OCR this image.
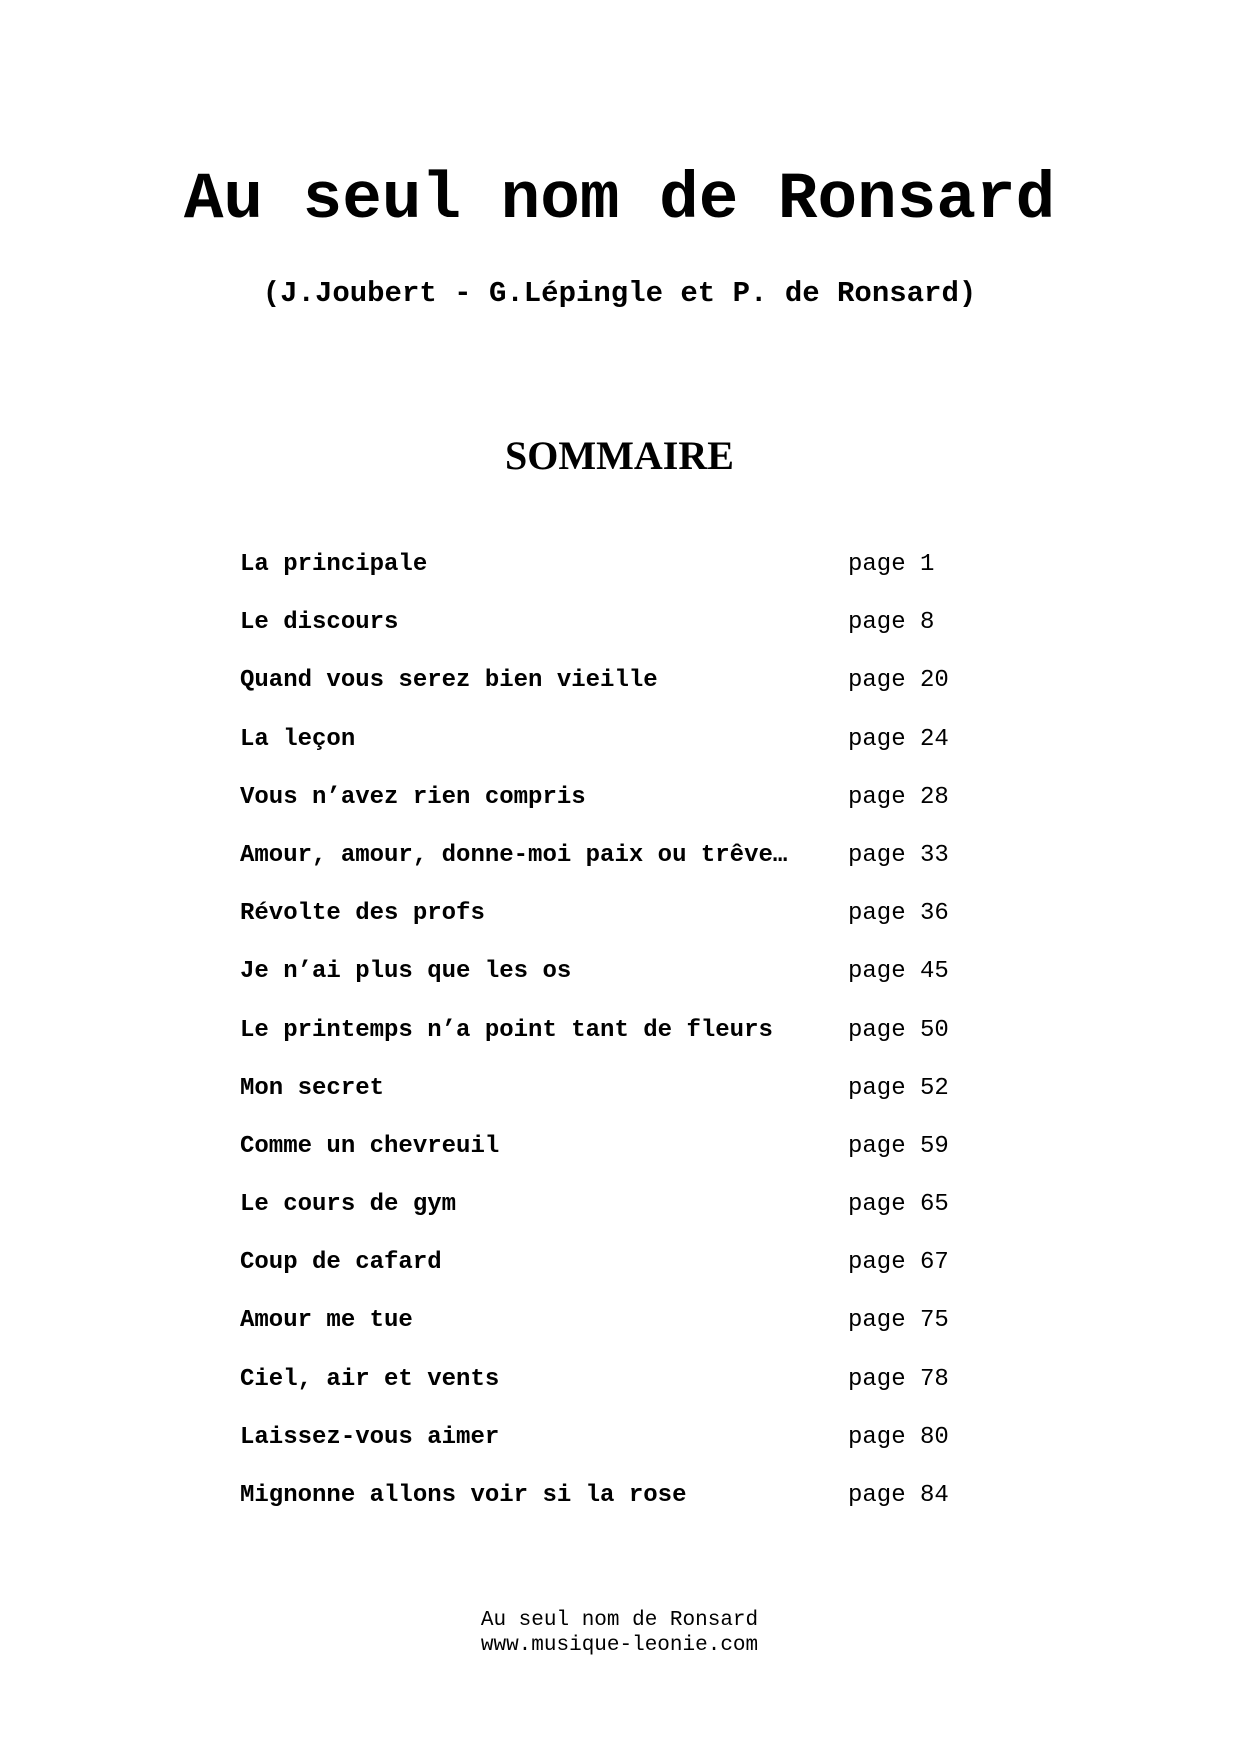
Au seul nom de Ronsard

(J.Joubert - G.Lépingle et P. de Ronsard)

SOMMAIRE
La principale	page 1
Le discours	page 8
Quand vous serez bien vieille	page 20
La leçon	page 24
Vous n’avez rien compris	page 28
Amour, amour, donne-moi paix ou trêve…	page 33
Révolte des profs	page 36
Je n’ai plus que les os	page 45
Le printemps n’a point tant de fleurs	page 50
Mon secret	page 52
Comme un chevreuil	page 59
Le cours de gym	page 65
Coup de cafard	page 67
Amour me tue	page 75
Ciel, air et vents	page 78
Laissez-vous aimer	page 80
Mignonne allons voir si la rose	page 84
Au seul nom de Ronsard
www.musique-leonie.com
